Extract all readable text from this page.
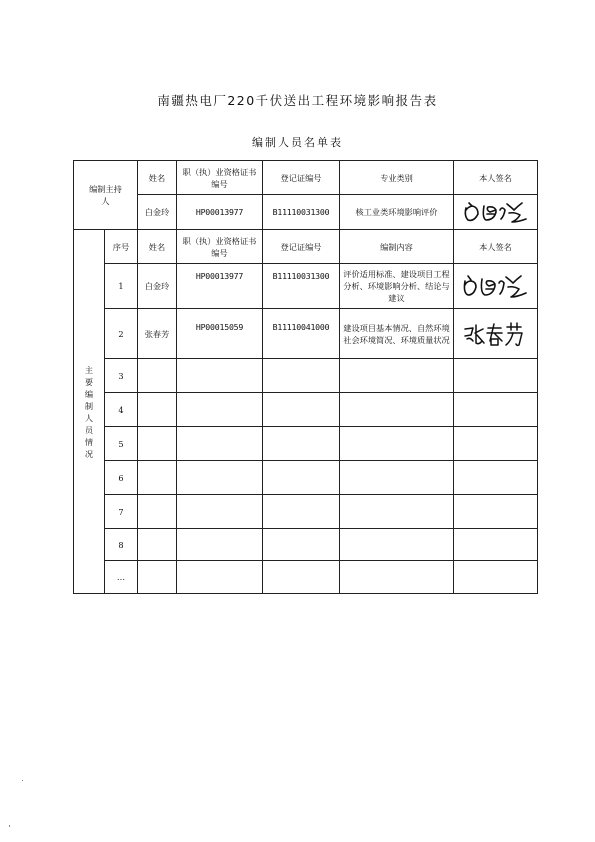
南疆热电厂220千伏送出工程环境影响报告表
编制人员名单表
编制主持人		姓名	职（执）业资格证书编号	登记证编号	专业类别	本人签名
		白金玲	HP00013977	B11110031300	核工业类环境影响评价	

主要编制人员情况	序号	姓名	职（执）业资格证书编号	登记证编号	编制内容	本人签名
	1	白金玲	HP00013977	B11110031300	评价适用标准、建设项目工程分析、环境影响分析、结论与建议	

	2	张春芳	HP00015059	B11110041000	建设项目基本情况、自然环境社会环境简况、环境质量状况	

	3					
	4					
	5					
	6					
	7					
	8					
	…					
